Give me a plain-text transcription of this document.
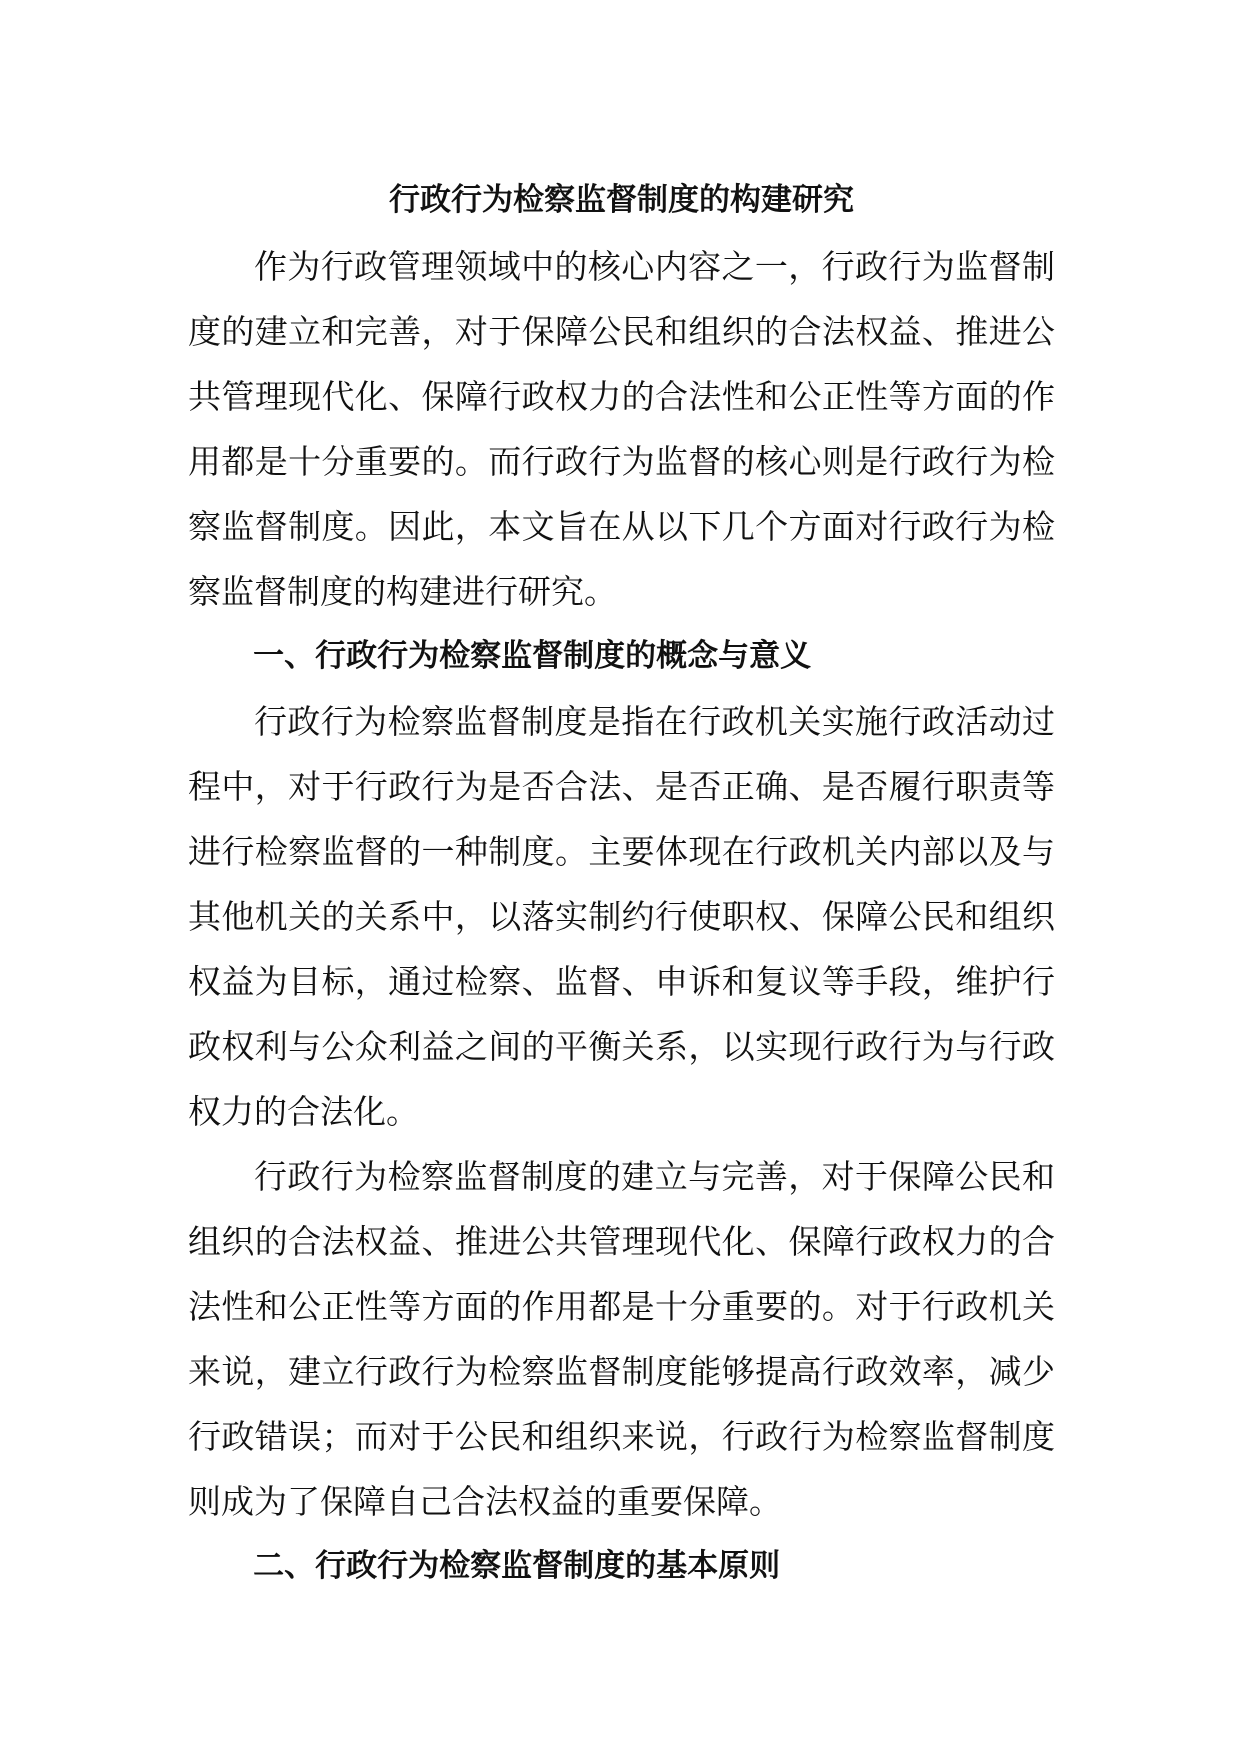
行政行为检察监督制度的构建研究

作为行政管理领域中的核心内容之一，行政行为监督制度的建立和完善，对于保障公民和组织的合法权益、推进公共管理现代化、保障行政权力的合法性和公正性等方面的作用都是十分重要的。而行政行为监督的核心则是行政行为检察监督制度。因此，本文旨在从以下几个方面对行政行为检察监督制度的构建进行研究。

一、行政行为检察监督制度的概念与意义

行政行为检察监督制度是指在行政机关实施行政活动过程中，对于行政行为是否合法、是否正确、是否履行职责等进行检察监督的一种制度。主要体现在行政机关内部以及与其他机关的关系中，以落实制约行使职权、保障公民和组织权益为目标，通过检察、监督、申诉和复议等手段，维护行政权利与公众利益之间的平衡关系，以实现行政行为与行政权力的合法化。

行政行为检察监督制度的建立与完善，对于保障公民和组织的合法权益、推进公共管理现代化、保障行政权力的合法性和公正性等方面的作用都是十分重要的。对于行政机关来说，建立行政行为检察监督制度能够提高行政效率，减少行政错误；而对于公民和组织来说，行政行为检察监督制度则成为了保障自己合法权益的重要保障。

二、行政行为检察监督制度的基本原则
